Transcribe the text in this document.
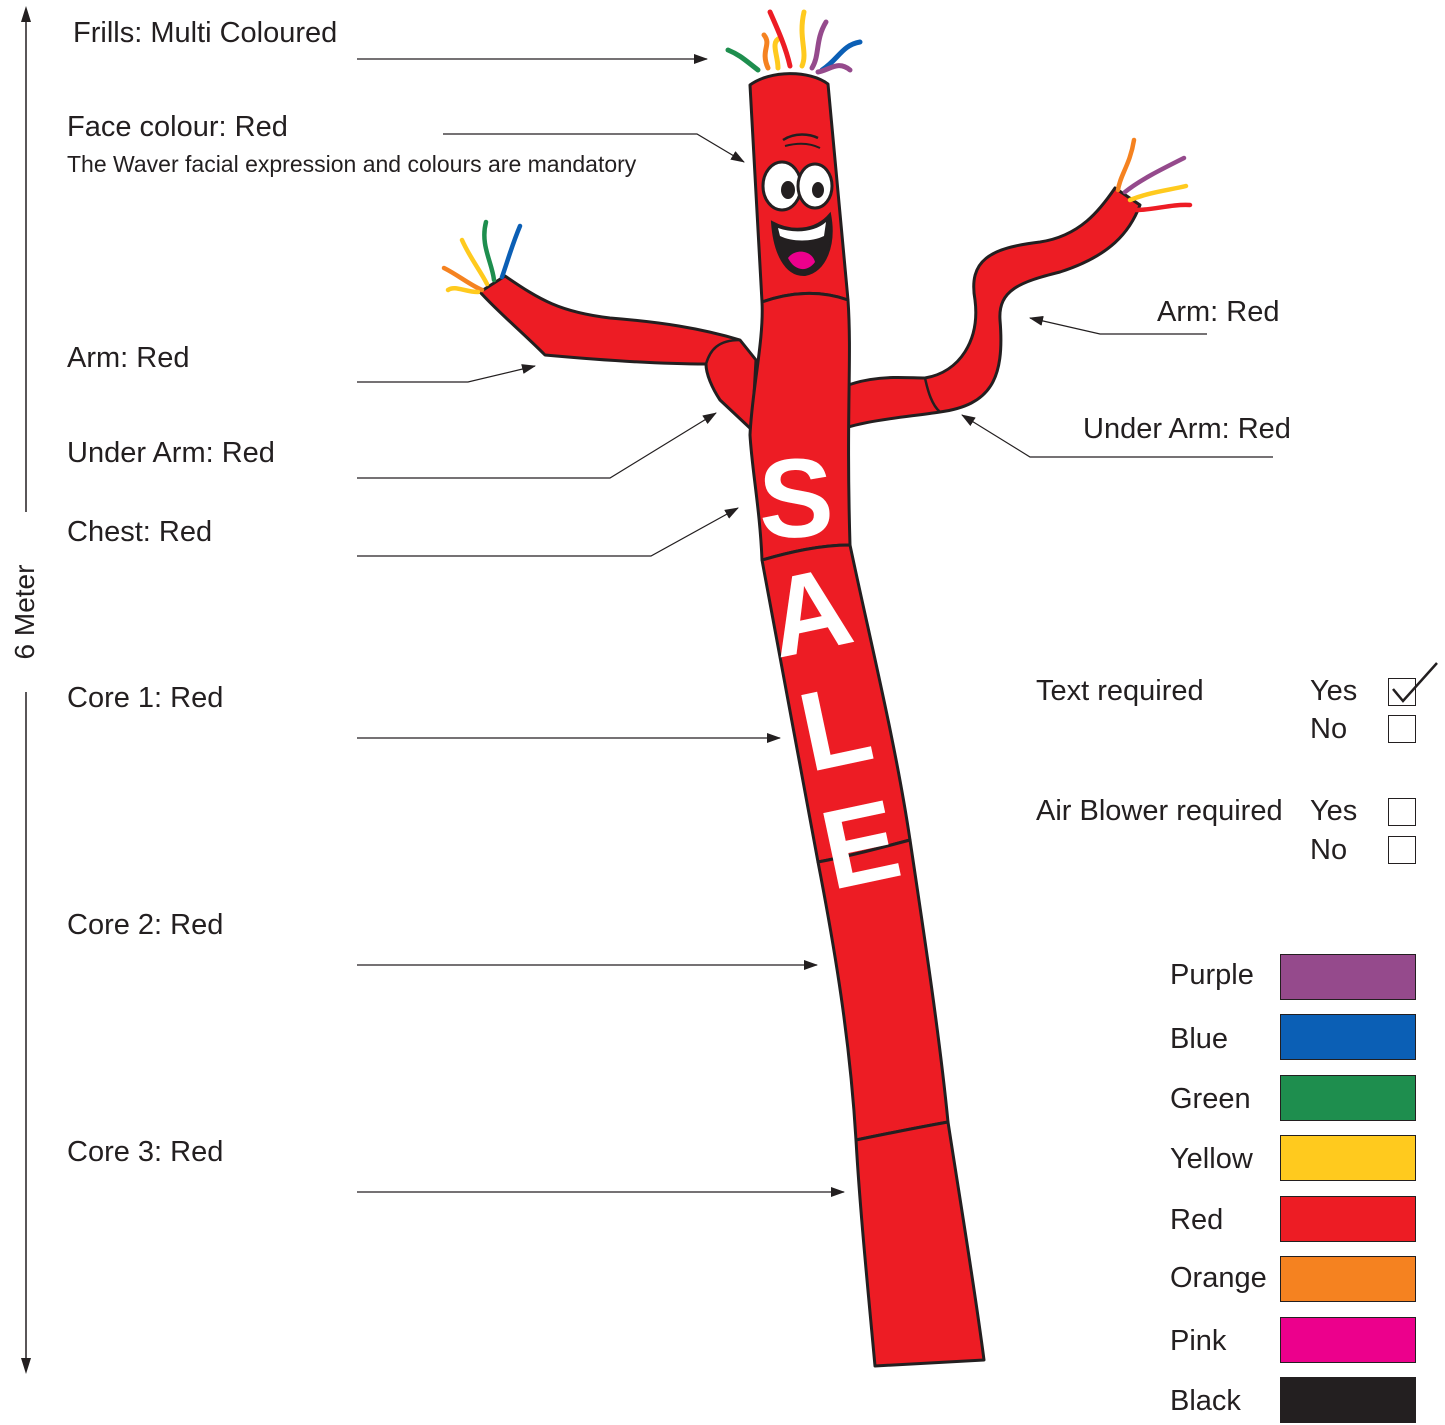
S
A
L
E
6 Meter
Frills: Multi Coloured
Face colour: Red
The Waver facial expression and colours are mandatory
Arm: Red
Under Arm: Red
Chest: Red
Core 1: Red
Core 2: Red
Core 3: Red
Arm: Red
Under Arm: Red
Text required	Yes
No
Air Blower required Yes
No
Purple
Blue
Green
Yellow
Red
Orange
Pink
Black
